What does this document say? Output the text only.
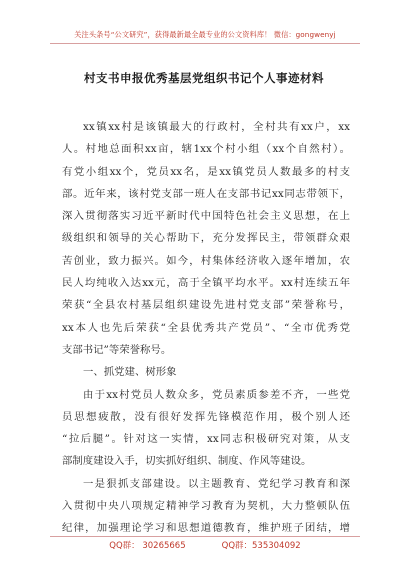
关注头条号“公文研究”，获得最新最全最专业的公文资料库！ 微信：gongwenyj
村支书申报优秀基层党组织书记个人事迹材料
xx镇xx村是该镇最大的行政村，全村共有xx户，xx
人。村地总面积xx亩，辖1xx个村小组（xx个自然村）。
有党小组xx个，党员xx名，是xx镇党员人数最多的村支
部。近年来，该村党支部一班人在支部书记xx同志带领下，
深入贯彻落实习近平新时代中国特色社会主义思想，在上
级组织和领导的关心帮助下，充分发挥民主，带领群众艰
苦创业，致力振兴。如今，村集体经济收入逐年增加，农
民人均纯收入达xx元，高于全镇平均水平。xx村连续五年
荣获“全县农村基层组织建设先进村党支部”荣誉称号，
xx本人也先后荣获“全县优秀共产党员”、“全市优秀党
支部书记”等荣誉称号。
一、抓党建、树形象
由于xx村党员人数众多，党员素质参差不齐，一些党
员思想疲散，没有很好发挥先锋模范作用，极个别人还
“拉后腿”。针对这一实情，xx同志积极研究对策，从支
部制度建设入手，切实抓好组织、制度、作风等建设。
一是狠抓支部建设。以主题教育、党纪学习教育和深
入贯彻中央八项规定精神学习教育为契机，大力整顿队伍
纪律，加强理论学习和思想道德教育，维护班子团结，增
QQ群： 30265665	QQ群：535304092
